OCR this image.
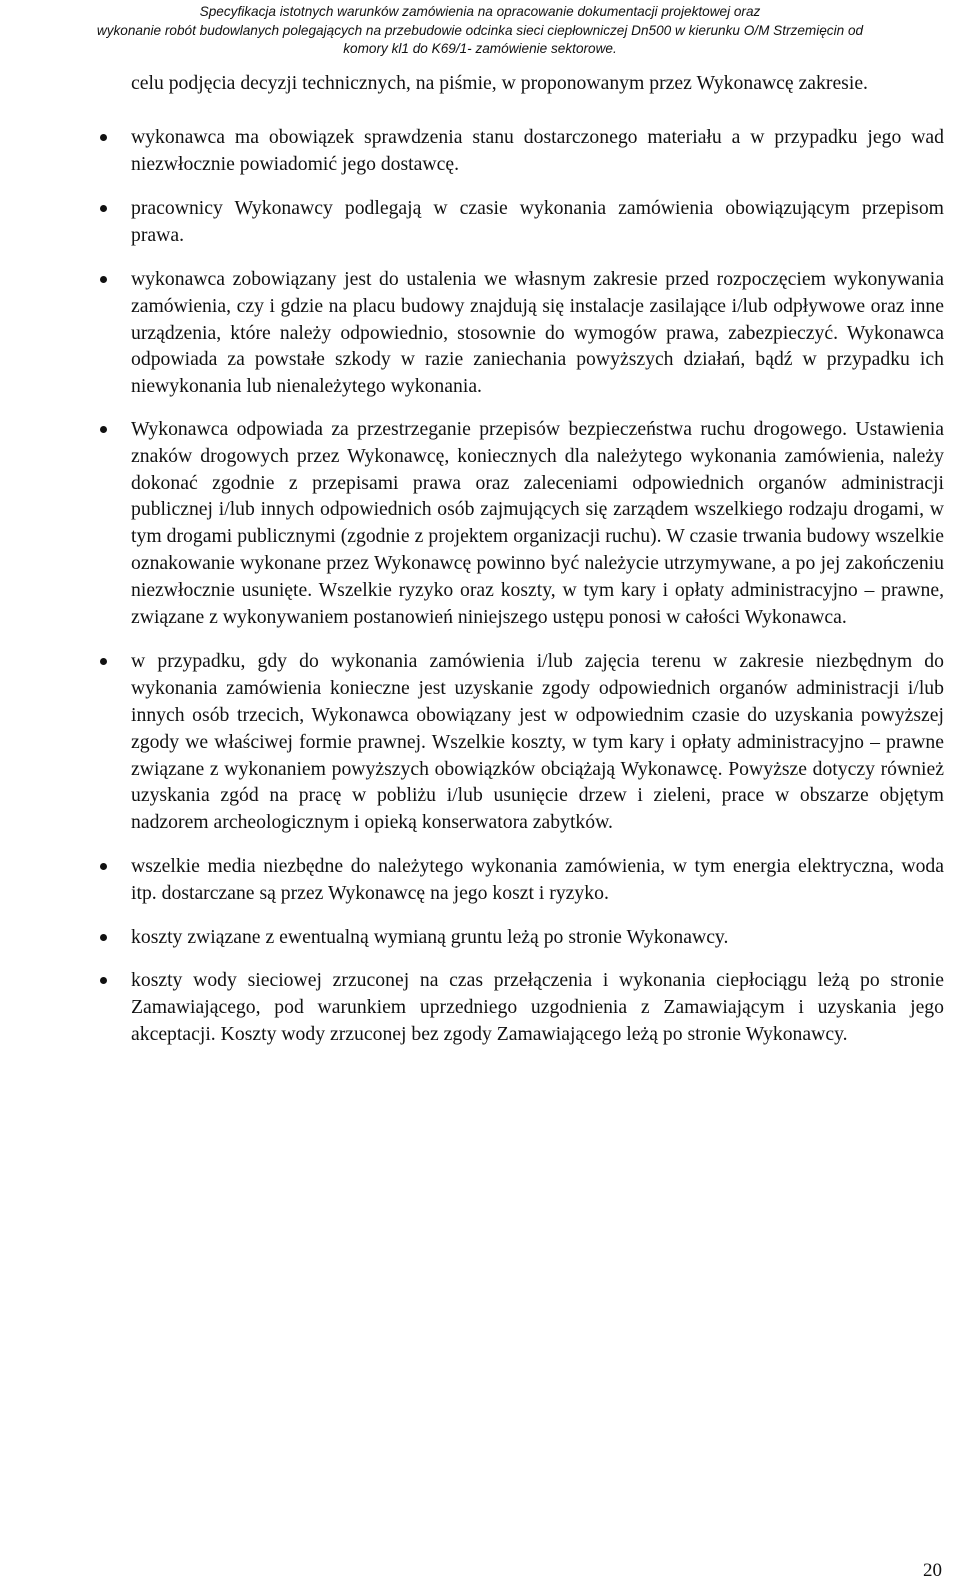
Specyfikacja istotnych warunków zamówienia na opracowanie dokumentacji projektowej oraz
wykonanie robót budowlanych polegających na przebudowie odcinka sieci ciepłowniczej Dn500 w kierunku O/M Strzemięcin od
komory kl1 do K69/1- zamówienie sektorowe.

celu podjęcia decyzji technicznych, na piśmie, w proponowanym przez Wykonawcę zakresie.

wykonawca ma obowiązek sprawdzenia stanu dostarczonego materiału a w przypadku jego wad niezwłocznie powiadomić jego dostawcę.
pracownicy Wykonawcy podlegają w czasie wykonania zamówienia obowiązującym przepisom prawa.
wykonawca zobowiązany jest do ustalenia we własnym zakresie przed rozpoczęciem wykonywania zamówienia, czy i gdzie na placu budowy znajdują się instalacje zasilające i/lub odpływowe oraz inne urządzenia, które należy odpowiednio, stosownie do wymogów prawa, zabezpieczyć. Wykonawca odpowiada za powstałe szkody w razie zaniechania powyższych działań, bądź w przypadku ich niewykonania lub nienależytego wykonania.
Wykonawca odpowiada za przestrzeganie przepisów bezpieczeństwa ruchu drogowego. Ustawienia znaków drogowych przez Wykonawcę, koniecznych dla należytego wykonania zamówienia, należy dokonać zgodnie z przepisami prawa oraz zaleceniami odpowiednich organów administracji publicznej i/lub innych odpowiednich osób zajmujących się zarządem wszelkiego rodzaju drogami, w tym drogami publicznymi (zgodnie z projektem organizacji ruchu). W czasie trwania budowy wszelkie oznakowanie wykonane przez Wykonawcę powinno być należycie utrzymywane, a po jej zakończeniu niezwłocznie usunięte. Wszelkie ryzyko oraz koszty, w tym kary i opłaty administracyjno – prawne, związane z wykonywaniem postanowień niniejszego ustępu ponosi w całości Wykonawca.
w przypadku, gdy do wykonania zamówienia i/lub zajęcia terenu w zakresie niezbędnym do wykonania zamówienia konieczne jest uzyskanie zgody odpowiednich organów administracji i/lub innych osób trzecich, Wykonawca obowiązany jest w odpowiednim czasie do uzyskania powyższej zgody we właściwej formie prawnej. Wszelkie koszty, w tym kary i opłaty administracyjno – prawne związane z wykonaniem powyższych obowiązków obciążają Wykonawcę. Powyższe dotyczy również uzyskania zgód na pracę w pobliżu i/lub usunięcie drzew i zieleni, prace w obszarze objętym nadzorem archeologicznym i opieką konserwatora zabytków.
wszelkie media niezbędne do należytego wykonania zamówienia, w tym energia elektryczna, woda itp. dostarczane są przez Wykonawcę na jego koszt i ryzyko.
koszty związane z ewentualną wymianą gruntu leżą po stronie Wykonawcy.
koszty wody sieciowej zrzuconej na czas przełączenia i wykonania ciepłociągu leżą po stronie Zamawiającego, pod warunkiem uprzedniego uzgodnienia z Zamawiającym i uzyskania jego akceptacji. Koszty wody zrzuconej bez zgody Zamawiającego leżą po stronie Wykonawcy.
20
